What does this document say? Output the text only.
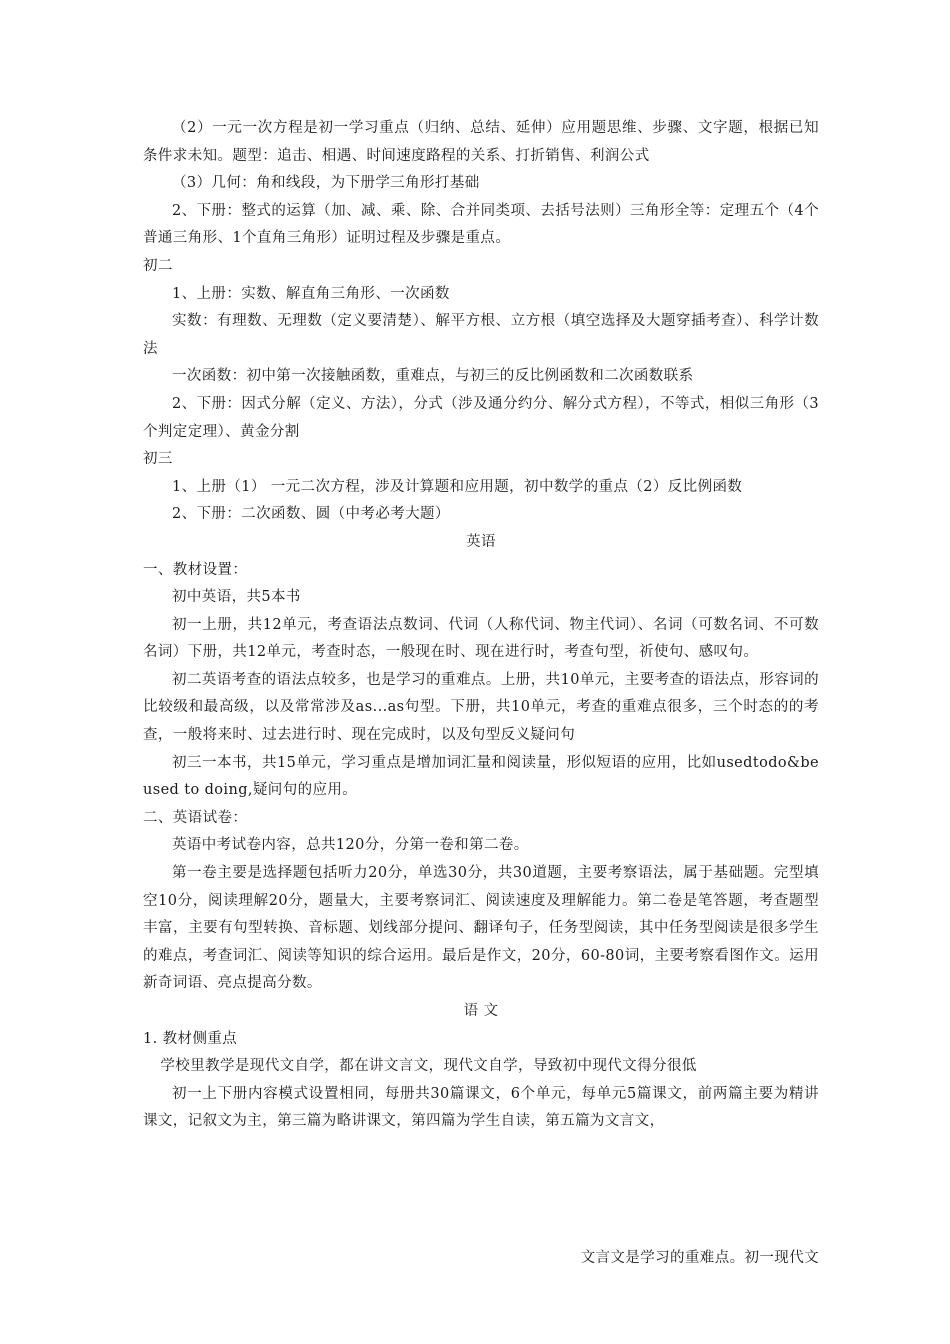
（2）一元一次方程是初一学习重点（归纳、总结、延伸）应用题思维、步骤、文字题，根据已知条件求未知。题型：追击、相遇、时间速度路程的关系、打折销售、利润公式

（3）几何：角和线段，为下册学三角形打基础

2、下册：整式的运算（加、减、乘、除、合并同类项、去括号法则）三角形全等：定理五个（4个普通三角形、1个直角三角形）证明过程及步骤是重点。

初二

1、上册：实数、解直角三角形、一次函数

实数：有理数、无理数（定义要清楚）、解平方根、立方根（填空选择及大题穿插考查）、科学计数法

一次函数：初中第一次接触函数，重难点，与初三的反比例函数和二次函数联系

2、下册：因式分解（定义、方法），分式（涉及通分约分、解分式方程），不等式，相似三角形（3个判定定理）、黄金分割

初三

1、上册（1） 一元二次方程，涉及计算题和应用题，初中数学的重点（2）反比例函数

2、下册：二次函数、圆（中考必考大题）

英语

一、教材设置：

初中英语，共5本书

初一上册，共12单元，考查语法点数词、代词（人称代词、物主代词）、名词（可数名词、不可数名词）下册，共12单元，考查时态，一般现在时、现在进行时，考查句型，祈使句、感叹句。

初二英语考查的语法点较多，也是学习的重难点。上册，共10单元，主要考查的语法点，形容词的比较级和最高级，以及常常涉及as...as句型。下册，共10单元，考查的重难点很多，三个时态的的考查，一般将来时、过去进行时、现在完成时，以及句型反义疑问句

初三一本书，共15单元，学习重点是增加词汇量和阅读量，形似短语的应用，比如usedtodo&be used to doing,疑问句的应用。

二、英语试卷：

英语中考试卷内容，总共120分，分第一卷和第二卷。

第一卷主要是选择题包括听力20分，单选30分，共30道题，主要考察语法，属于基础题。完型填空10分，阅读理解20分，题量大，主要考察词汇、阅读速度及理解能力。第二卷是笔答题，考查题型丰富，主要有句型转换、音标题、划线部分提问、翻译句子，任务型阅读，其中任务型阅读是很多学生的难点，考查词汇、阅读等知识的综合运用。最后是作文，20分，60-80词，主要考察看图作文。运用新奇词语、亮点提高分数。

语 文

1. 教材侧重点

学校里教学是现代文自学，都在讲文言文，现代文自学，导致初中现代文得分很低

初一上下册内容模式设置相同，每册共30篇课文，6个单元，每单元5篇课文，前两篇主要为精讲课文，记叙文为主，第三篇为略讲课文，第四篇为学生自读，第五篇为文言文，

文言文是学习的重难点。初一现代文
